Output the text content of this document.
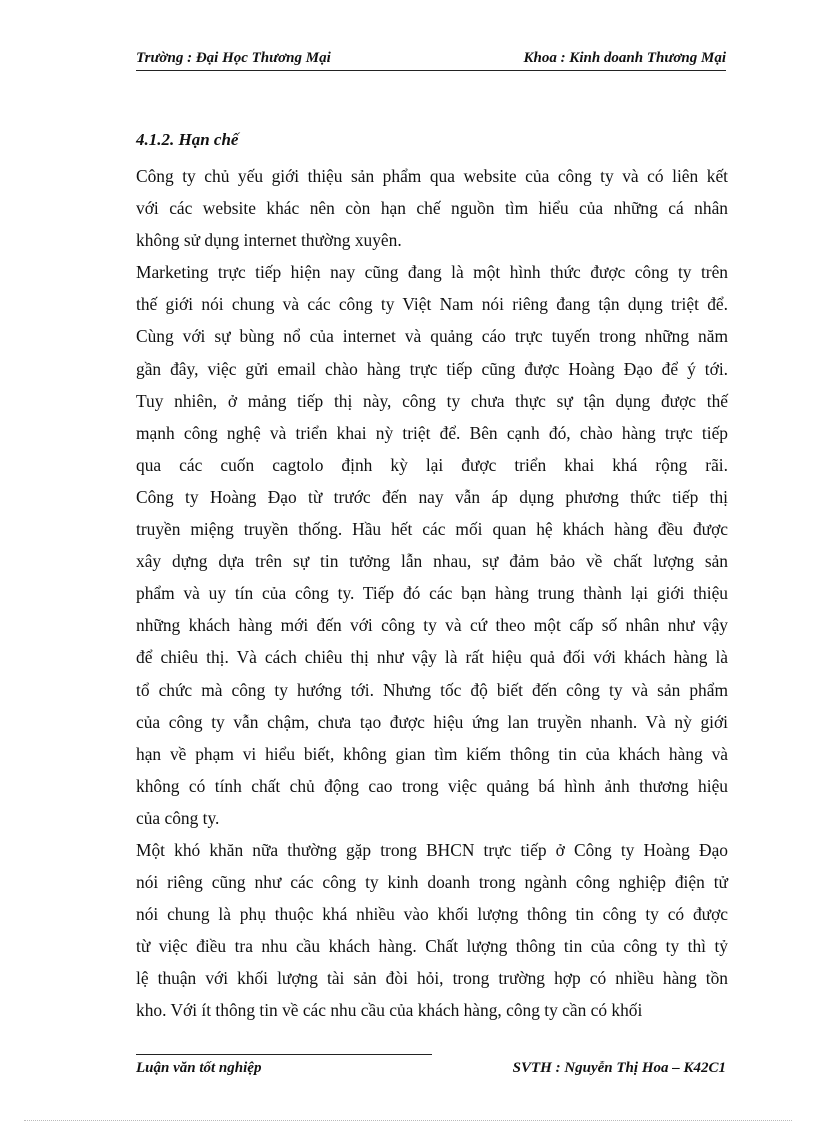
Trường : Đại Học Thương Mại	Khoa : Kinh doanh Thương Mại
4.1.2. Hạn chế
Công ty chủ yếu giới thiệu sản phẩm qua website của công ty và có liên kết
với các website khác nên còn hạn chế nguồn tìm hiểu của những cá nhân
không sử dụng internet thường xuyên.
Marketing trực tiếp hiện nay cũng đang là một hình thức được công ty trên
thế giới nói chung và các công ty Việt Nam nói riêng đang tận dụng triệt để.
Cùng với sự bùng nổ của internet và quảng cáo trực tuyến trong những năm
gần đây, việc gửi email chào hàng trực tiếp cũng được Hoàng Đạo để ý tới.
Tuy nhiên, ở mảng tiếp thị này, công ty chưa thực sự tận dụng được thế
mạnh công nghệ và triển khai nỳ triệt để. Bên cạnh đó, chào hàng trực tiếp
qua các cuốn cagtolo định kỳ lại được triển khai khá rộng rãi.
Công ty Hoàng Đạo từ trước đến nay vẫn áp dụng phương thức tiếp thị
truyền miệng truyền thống. Hầu hết các mối quan hệ khách hàng đều được
xây dựng dựa trên sự tin tưởng lẫn nhau, sự đảm bảo về chất lượng sản
phẩm và uy tín của công ty. Tiếp đó các bạn hàng trung thành lại giới thiệu
những khách hàng mới đến với công ty và cứ theo một cấp số nhân như vậy
để chiêu thị. Và cách chiêu thị như vậy là rất hiệu quả đối với khách hàng là
tổ chức mà công ty hướng tới. Nhưng tốc độ biết đến công ty và sản phẩm
của công ty vẫn chậm, chưa tạo được hiệu ứng lan truyền nhanh. Và nỳ giới
hạn về phạm vi hiểu biết, không gian tìm kiếm thông tin của khách hàng và
không có tính chất chủ động cao trong việc quảng bá hình ảnh thương hiệu
của công ty.
Một khó khăn nữa thường gặp trong BHCN trực tiếp ở Công ty Hoàng Đạo
nói riêng cũng như các công ty kinh doanh trong ngành công nghiệp điện tử
nói chung là phụ thuộc khá nhiều vào khối lượng thông tin công ty có được
từ việc điều tra nhu cầu khách hàng. Chất lượng thông tin của công ty thì tỷ
lệ thuận với khối lượng tài sản đòi hỏi, trong trường hợp có nhiều hàng tồn
kho. Với ít thông tin về các nhu cầu của khách hàng, công ty cần có khối
Luận văn tốt nghiệp	SVTH : Nguyễn Thị Hoa – K42C1
